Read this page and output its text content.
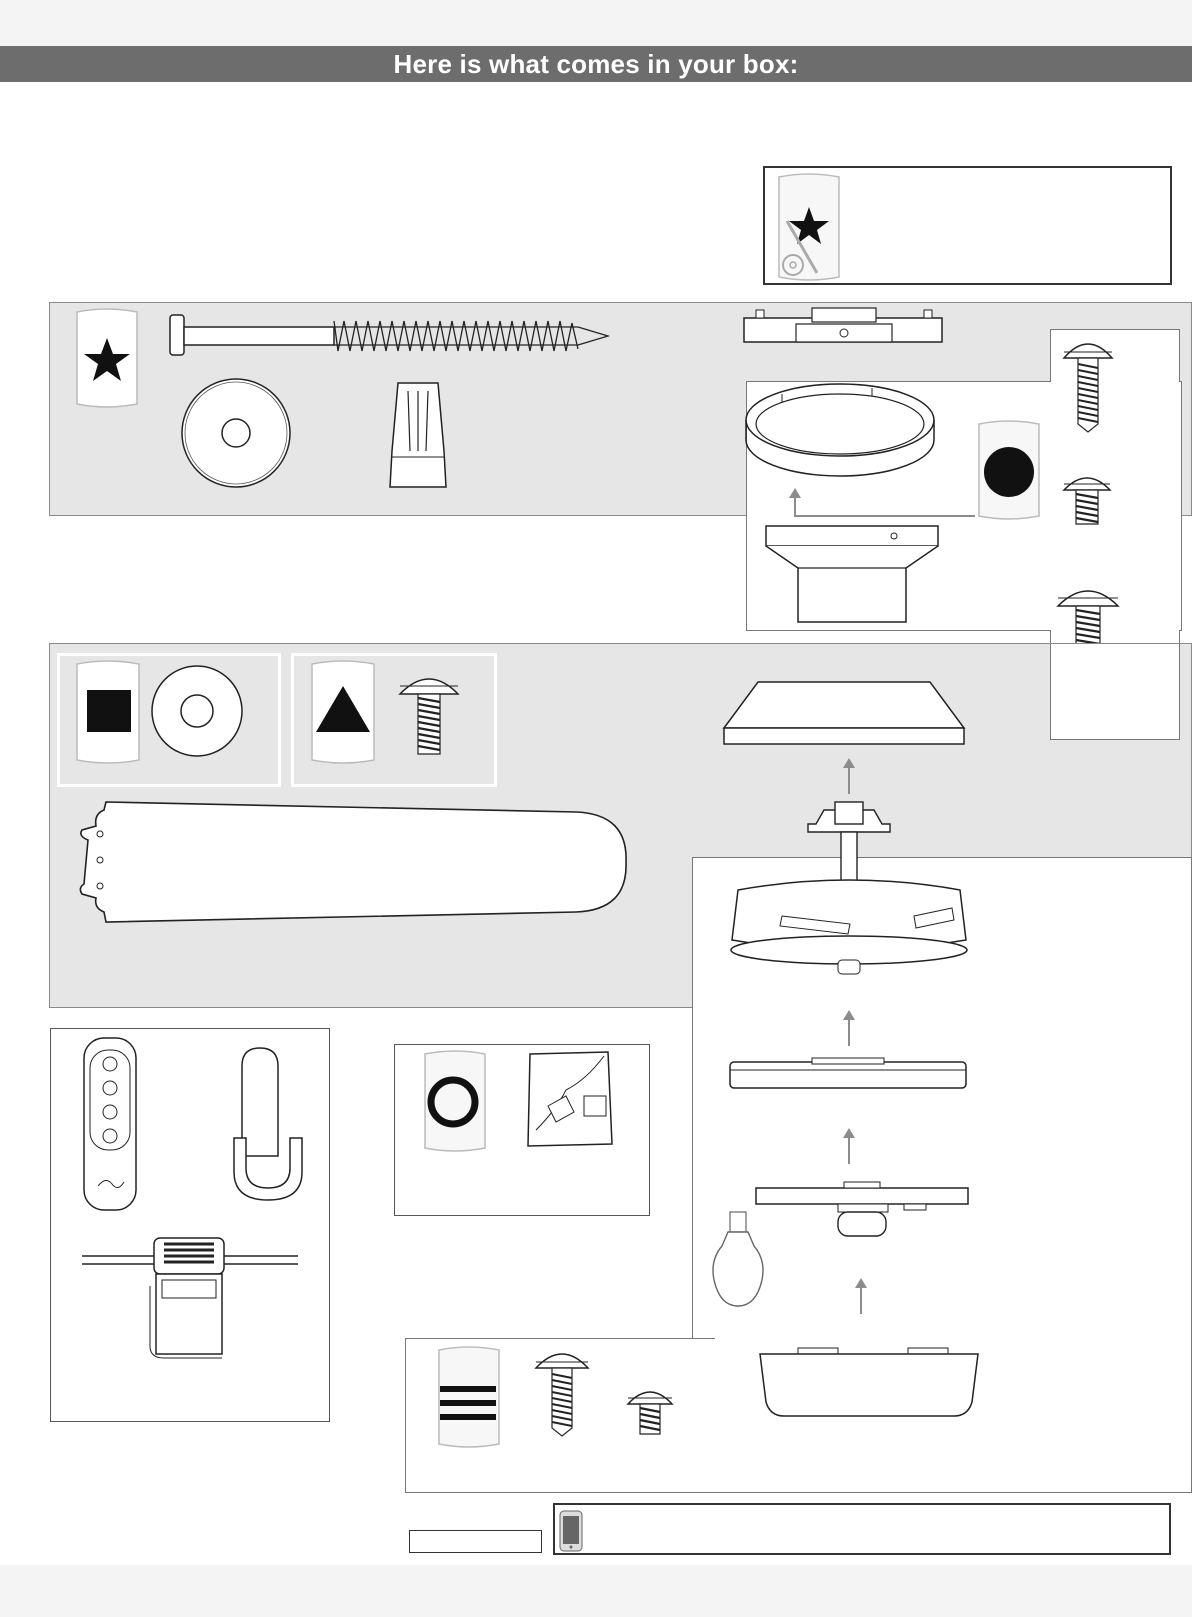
Here is what comes in your box:
